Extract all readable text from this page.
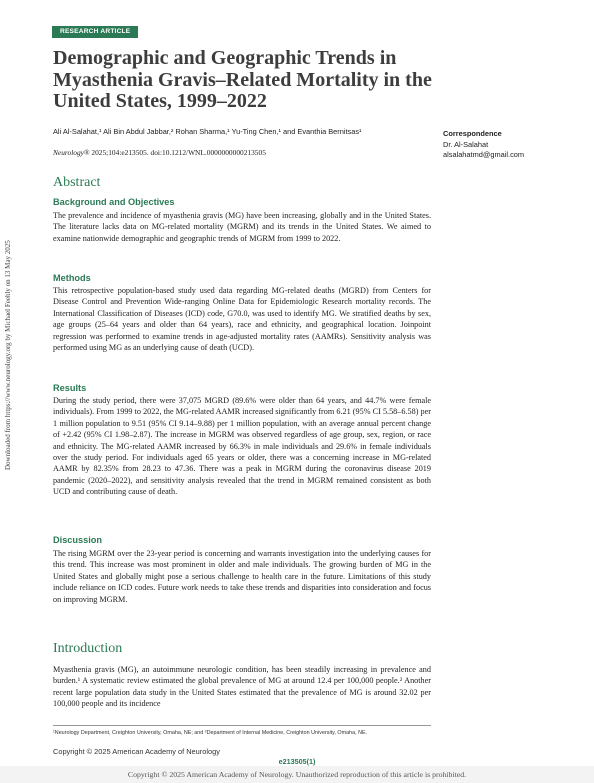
RESEARCH ARTICLE
Demographic and Geographic Trends in Myasthenia Gravis–Related Mortality in the United States, 1999–2022
Ali Al-Salahat,¹ Ali Bin Abdul Jabbar,² Rohan Sharma,¹ Yu-Ting Chen,¹ and Evanthia Bernitsas¹
Neurology® 2025;104:e213505. doi:10.1212/WNL.0000000000213505
Correspondence
Dr. Al-Salahat
alsalahatmd@gmail.com
Abstract
Background and Objectives
The prevalence and incidence of myasthenia gravis (MG) have been increasing, globally and in the United States. The literature lacks data on MG-related mortality (MGRM) and its trends in the United States. We aimed to examine nationwide demographic and geographic trends of MGRM from 1999 to 2022.
Methods
This retrospective population-based study used data regarding MG-related deaths (MGRD) from Centers for Disease Control and Prevention Wide-ranging Online Data for Epidemiologic Research mortality records. The International Classification of Diseases (ICD) code, G70.0, was used to identify MG. We stratified deaths by sex, age groups (25–64 years and older than 64 years), race and ethnicity, and geographical location. Joinpoint regression was performed to examine trends in age-adjusted mortality rates (AAMRs). Sensitivity analysis was performed using MG as an underlying cause of death (UCD).
Results
During the study period, there were 37,075 MGRD (89.6% were older than 64 years, and 44.7% were female individuals). From 1999 to 2022, the MG-related AAMR increased significantly from 6.21 (95% CI 5.58–6.58) per 1 million population to 9.51 (95% CI 9.14–9.88) per 1 million population, with an average annual percent change of +2.42 (95% CI 1.98–2.87). The increase in MGRM was observed regardless of age group, sex, region, or race and ethnicity. The MG-related AAMR increased by 66.3% in male individuals and 29.6% in female individuals over the study period. For individuals aged 65 years or older, there was a concerning increase in MG-related AAMR by 82.35% from 28.23 to 47.36. There was a peak in MGRM during the coronavirus disease 2019 pandemic (2020–2022), and sensitivity analysis revealed that the trend in MGRM remained consistent as both UCD and contributing cause of death.
Discussion
The rising MGRM over the 23-year period is concerning and warrants investigation into the underlying causes for this trend. This increase was most prominent in older and male individuals. The growing burden of MG in the United States and globally might pose a serious challenge to health care in the future. Limitations of this study include reliance on ICD codes. Future work needs to take these trends and disparities into consideration and focus on improving MGRM.
Introduction
Myasthenia gravis (MG), an autoimmune neurologic condition, has been steadily increasing in prevalence and burden.¹ A systematic review estimated the global prevalence of MG at around 12.4 per 100,000 people.² Another recent large population data study in the United States estimated that the prevalence of MG is around 32.02 per 100,000 people and its incidence
Downloaded from https://www.neurology.org by Michael Feehly on 13 May 2025
¹Neurology Department, Creighton University, Omaha, NE; and ²Department of Internal Medicine, Creighton University, Omaha, NE.
Copyright © 2025 American Academy of Neurology
e213505(1)
Copyright © 2025 American Academy of Neurology. Unauthorized reproduction of this article is prohibited.
